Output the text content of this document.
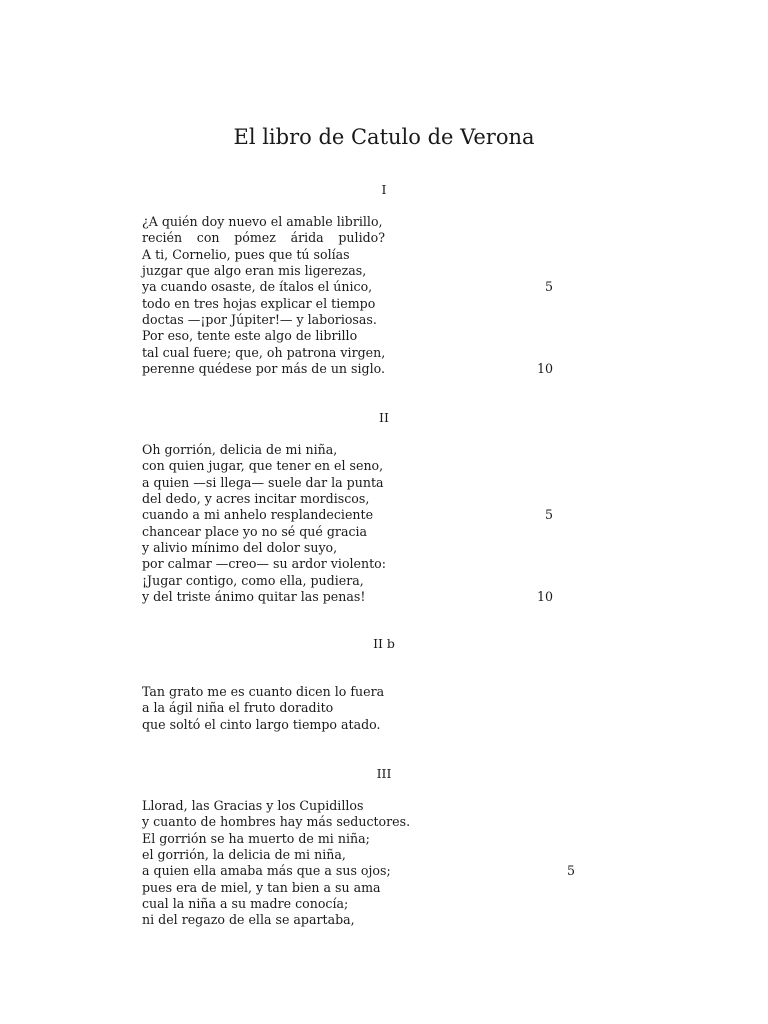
El libro de Catulo de Verona
I
¿A quién doy nuevo el amable librillo,
recién con pómez árida pulido?
A ti, Cornelio, pues que tú solías
juzgar que algo eran mis ligerezas,
ya cuando osaste, de ítalos el único,	5
todo en tres hojas explicar el tiempo
doctas —¡por Júpiter!— y laboriosas.
Por eso, tente este algo de librillo
tal cual fuere; que, oh patrona virgen,
perenne quédese por más de un siglo.	10
II
Oh gorrión, delicia de mi niña,
con quien jugar, que tener en el seno,
a quien —si llega— suele dar la punta
del dedo, y acres incitar mordiscos,
cuando a mi anhelo resplandeciente	5
chancear place yo no sé qué gracia
y alivio mínimo del dolor suyo,
por calmar —creo— su ardor violento:
¡Jugar contigo, como ella, pudiera,
y del triste ánimo quitar las penas!	10
II b
Tan grato me es cuanto dicen lo fuera
a la ágil niña el fruto doradito
que soltó el cinto largo tiempo atado.
III
Llorad, las Gracias y los Cupidillos
y cuanto de hombres hay más seductores.
El gorrión se ha muerto de mi niña;
el gorrión, la delicia de mi niña,
a quien ella amaba más que a sus ojos;	5
pues era de miel, y tan bien a su ama
cual la niña a su madre conocía;
ni del regazo de ella se apartaba,
